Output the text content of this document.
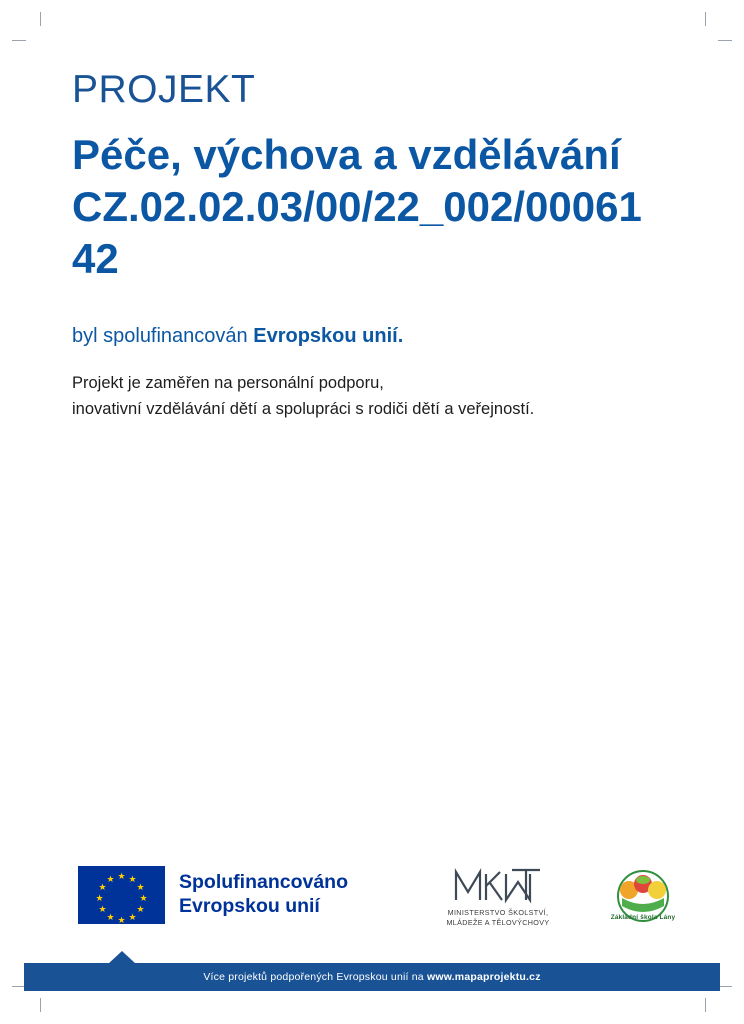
PROJEKT
Péče, výchova a vzdělávání CZ.02.02.03/00/22_002/0006142
byl spolufinancován Evropskou unií.
Projekt je zaměřen na personální podporu,
inovativní vzdělávání dětí a spolupráci s rodiči dětí a veřejností.
★ ★
★
★
★
★
★
★
★
★
★
★	Spolufinancováno
Evropskou unií	MINISTERSTVO ŠKOLSTVÍ,
MLÁDEŽE A TĚLOVÝCHOVY
Základní škola Lány
Více projektů podpořených Evropskou unií na www.mapaprojektu.cz
